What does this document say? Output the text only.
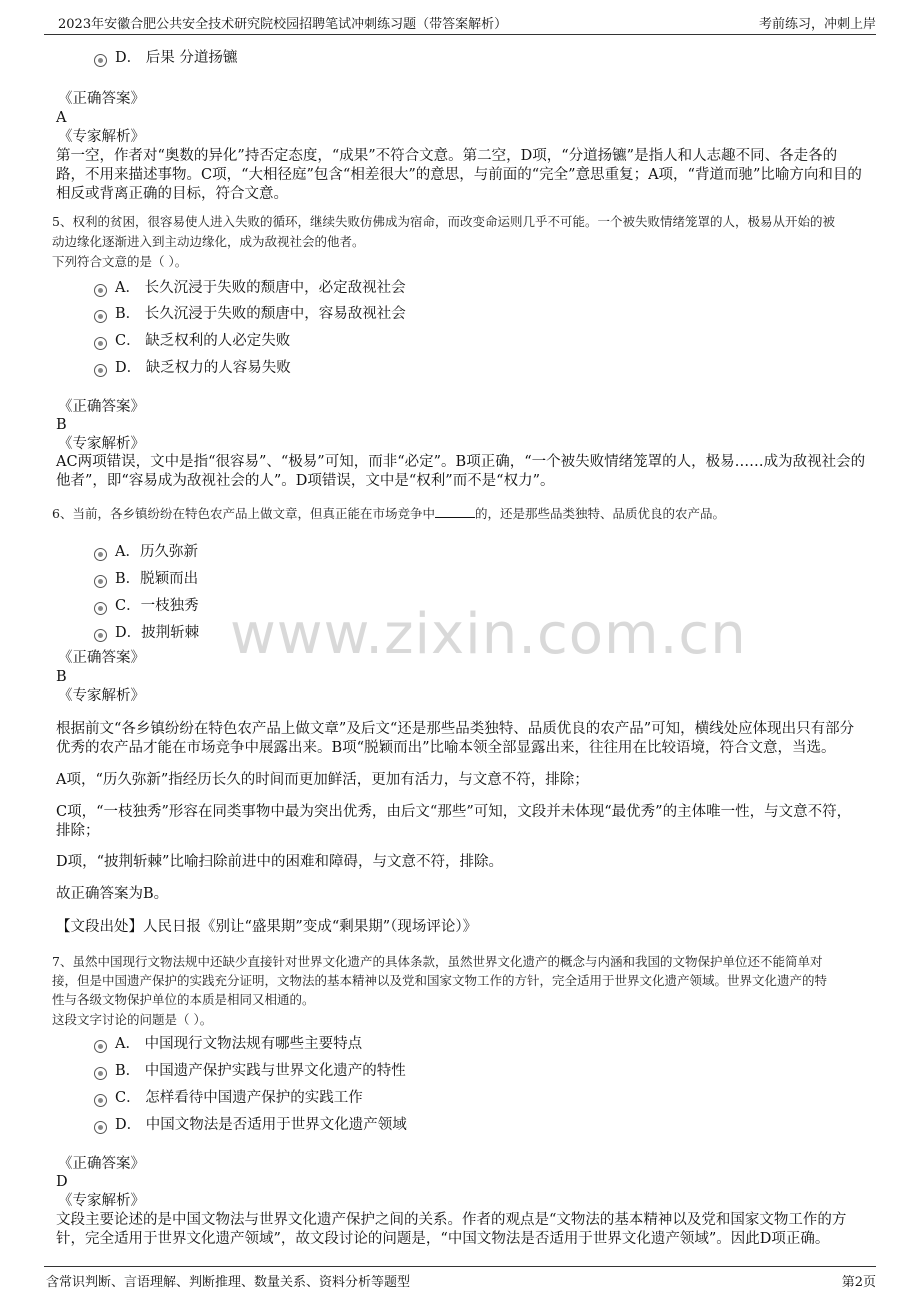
2023年安徽合肥公共安全技术研究院校园招聘笔试冲刺练习题（带答案解析）	考前练习，冲刺上岸
www.zixin.com.cn
D． 后果 分道扬镳
《正确答案》
A
《专家解析》
第一空，作者对“奥数的异化”持否定态度，“成果”不符合文意。第二空，D项，“分道扬镳”是指人和人志趣不同、各走各的
路，不用来描述事物。C项，“大相径庭”包含“相差很大”的意思，与前面的“完全”意思重复；A项，“背道而驰”比喻方向和目的
相反或背离正确的目标，符合文意。
5、权利的贫困，很容易使人进入失败的循环，继续失败仿佛成为宿命，而改变命运则几乎不可能。一个被失败情绪笼罩的人，极易从开始的被
动边缘化逐渐进入到主动边缘化，成为敌视社会的他者。
下列符合文意的是（ ）。
A． 长久沉浸于失败的颓唐中，必定敌视社会
B． 长久沉浸于失败的颓唐中，容易敌视社会
C． 缺乏权利的人必定失败
D． 缺乏权力的人容易失败
《正确答案》
B
《专家解析》
AC两项错误，文中是指“很容易”、“极易”可知，而非“必定”。B项正确，“一个被失败情绪笼罩的人，极易……成为敌视社会的
他者”，即“容易成为敌视社会的人”。D项错误，文中是“权利”而不是“权力”。
6、当前，各乡镇纷纷在特色农产品上做文章，但真正能在市场竞争中	的，还是那些品类独特、品质优良的农产品。
A．历久弥新
B．脱颖而出
C．一枝独秀
D．披荆斩棘
《正确答案》
B
《专家解析》
根据前文“各乡镇纷纷在特色农产品上做文章”及后文“还是那些品类独特、品质优良的农产品”可知，横线处应体现出只有部分
优秀的农产品才能在市场竞争中展露出来。B项“脱颖而出”比喻本领全部显露出来，往往用在比较语境，符合文意，当选。
A项，“历久弥新”指经历长久的时间而更加鲜活，更加有活力，与文意不符，排除；
C项，“一枝独秀”形容在同类事物中最为突出优秀，由后文“那些”可知，文段并未体现“最优秀”的主体唯一性，与文意不符，
排除；
D项，“披荆斩棘”比喻扫除前进中的困难和障碍，与文意不符，排除。
故正确答案为B。
【文段出处】人民日报《别让“盛果期”变成“剩果期”（现场评论）》
7、虽然中国现行文物法规中还缺少直接针对世界文化遗产的具体条款，虽然世界文化遗产的概念与内涵和我国的文物保护单位还不能简单对
接，但是中国遗产保护的实践充分证明，文物法的基本精神以及党和国家文物工作的方针，完全适用于世界文化遗产领域。世界文化遗产的特
性与各级文物保护单位的本质是相同又相通的。
这段文字讨论的问题是（ ）。
A． 中国现行文物法规有哪些主要特点
B． 中国遗产保护实践与世界文化遗产的特性
C． 怎样看待中国遗产保护的实践工作
D． 中国文物法是否适用于世界文化遗产领域
《正确答案》
D
《专家解析》
文段主要论述的是中国文物法与世界文化遗产保护之间的关系。作者的观点是“文物法的基本精神以及党和国家文物工作的方
针，完全适用于世界文化遗产领域”，故文段讨论的问题是，“中国文物法是否适用于世界文化遗产领域”。因此D项正确。
含常识判断、言语理解、判断推理、数量关系、资料分析等题型	第2页
